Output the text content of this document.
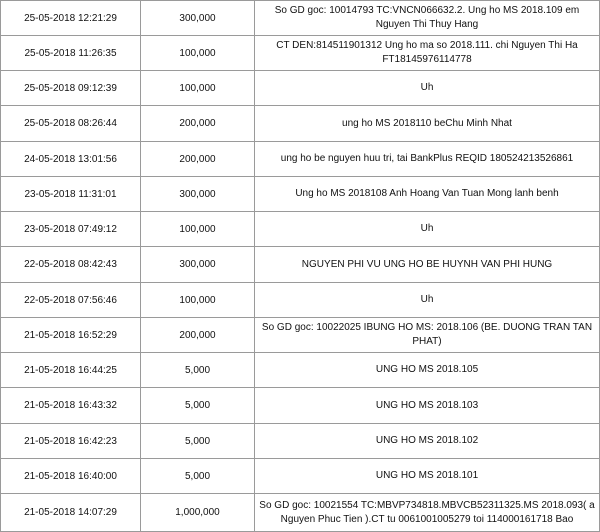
25-05-2018 12:21:29	300,000	So GD goc: 10014793 TC:VNCN066632.2. Ung ho MS 2018.109 em Nguyen Thi Thuy Hang
25-05-2018 11:26:35	100,000	CT DEN:814511901312 Ung ho ma so 2018.111. chi Nguyen Thi Ha FT18145976114778
25-05-2018 09:12:39	100,000	Uh
25-05-2018 08:26:44	200,000	ung ho MS 2018110 beChu Minh Nhat
24-05-2018 13:01:56	200,000	ung ho be nguyen huu tri, tai BankPlus REQID 180524213526861
23-05-2018 11:31:01	300,000	Ung ho MS 2018108 Anh Hoang Van Tuan Mong lanh benh
23-05-2018 07:49:12	100,000	Uh
22-05-2018 08:42:43	300,000	NGUYEN PHI VU UNG HO BE HUYNH VAN PHI HUNG
22-05-2018 07:56:46	100,000	Uh
21-05-2018 16:52:29	200,000	So GD goc: 10022025 IBUNG HO MS: 2018.106 (BE. DUONG TRAN TAN PHAT)
21-05-2018 16:44:25	5,000	UNG HO MS 2018.105
21-05-2018 16:43:32	5,000	UNG HO MS 2018.103
21-05-2018 16:42:23	5,000	UNG HO MS 2018.102
21-05-2018 16:40:00	5,000	UNG HO MS 2018.101
21-05-2018 14:07:29	1,000,000	So GD goc: 10021554 TC:MBVP734818.MBVCB52311325.MS 2018.093( a Nguyen Phuc Tien ).CT tu 0061001005279 toi 114000161718 Bao
